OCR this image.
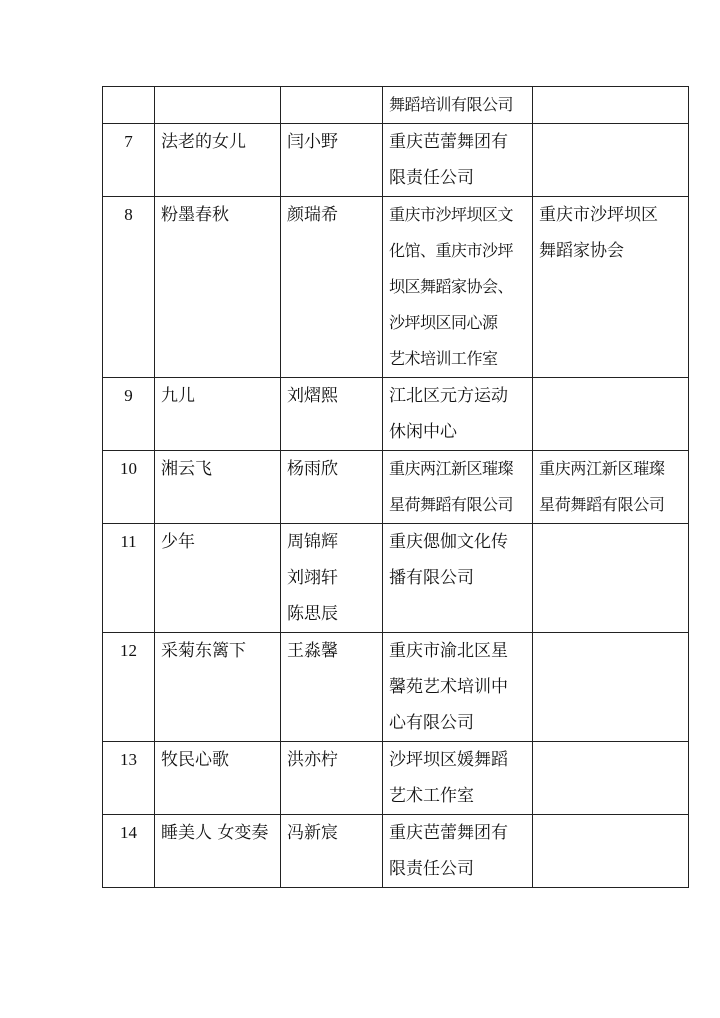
			舞蹈培训有限公司	

7	法老的女儿	闫小野	重庆芭蕾舞团有
限责任公司	

8	粉墨春秋	颜瑞希	重庆市沙坪坝区文
化馆、重庆市沙坪
坝区舞蹈家协会、
沙坪坝区同心源
艺术培训工作室	重庆市沙坪坝区
舞蹈家协会

9	九儿	刘熠熙	江北区元方运动
休闲中心	

10	湘云飞	杨雨欣	重庆两江新区璀璨
星荷舞蹈有限公司	重庆两江新区璀璨
星荷舞蹈有限公司

11	少年	周锦辉
刘翊轩
陈思辰	重庆偲伽文化传
播有限公司	

12	采菊东篱下	王淼馨	重庆市渝北区星
馨苑艺术培训中
心有限公司	

13	牧民心歌	洪亦柠	沙坪坝区媛舞蹈
艺术工作室	

14	睡美人 女变奏	冯新宸	重庆芭蕾舞团有
限责任公司	
